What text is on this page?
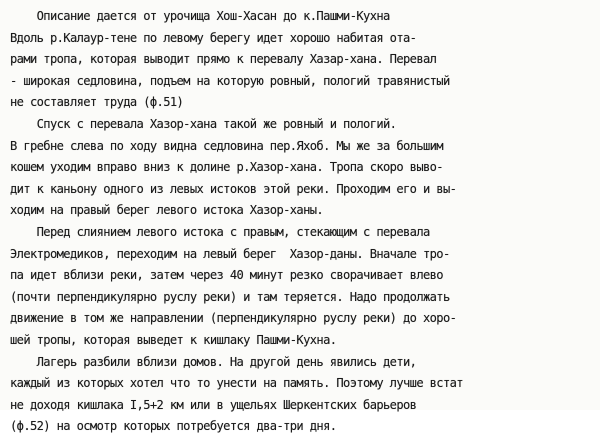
Описание дается от урочища Хош-Хасан до к.Пашми-Кухна
Вдоль р.Калаур-тене по левому берегу идет хорошо набитая ота-
рами тропа, которая выводит прямо к перевалу Хазар-хана. Перевал
- широкая седловина, подъем на которую ровный, пологий травянистый
не составляет труда (ф.51)
Спуск с перевала Хазор-хана такой же ровный и пологий.
В гребне слева по ходу видна седловина пер.Яхоб. Мы же за большим
кошем уходим вправо вниз к долине р.Хазор-хана. Тропа скоро выво-
дит к каньону одного из левых истоков этой реки. Проходим его и вы-
ходим на правый берег левого истока Хазор-ханы.
Перед слиянием левого истока с правым, стекающим с перевала
Электромедиков, переходим на левый берег  Хазор-даны. Вначале тро-
па идет вблизи реки, затем через 40 минут резко сворачивает влево
(почти перпендикулярно руслу реки) и там теряется. Надо продолжать
движение в том же направлении (перпендикулярно руслу реки) до хоро-
шей тропы, которая выведет к кишлаку Пашми-Кухна.
Лагерь разбили вблизи домов. На другой день явились дети,
каждый из которых хотел что то унести на память. Поэтому лучше встат
не доходя кишлака I,5+2 км или в ущельях Шеркентских барьеров
(ф.52) на осмотр которых потребуется два-три дня.
